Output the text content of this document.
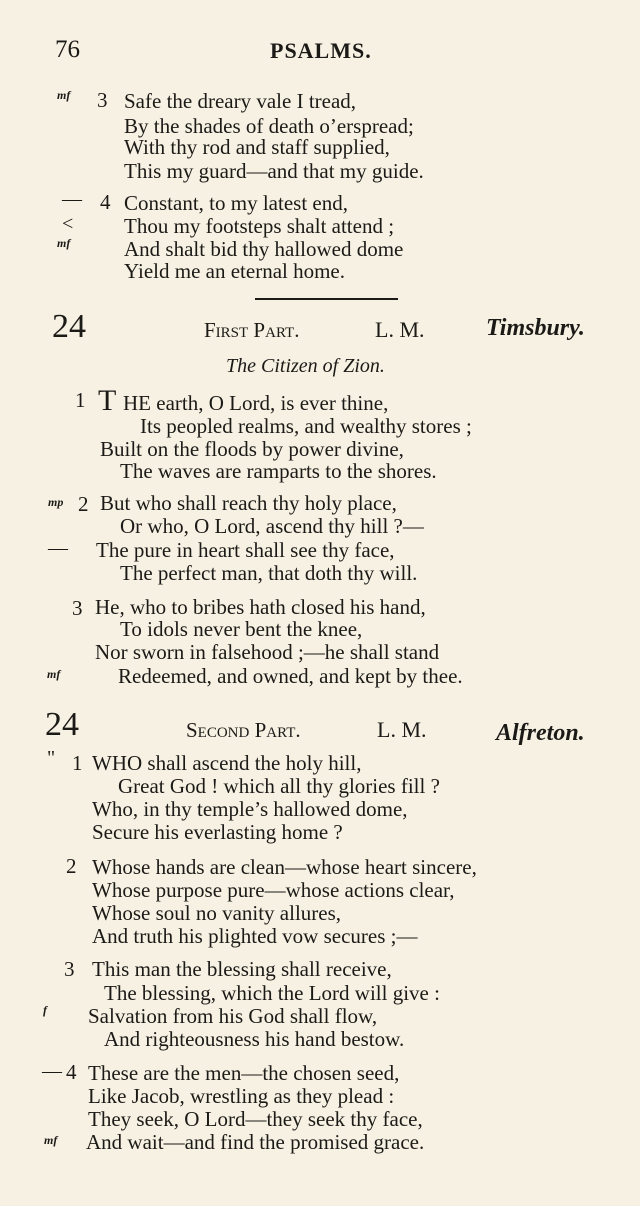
76	PSALMS.
mf 3 Safe the dreary vale I tread,
By the shades of death o’erspread;
With thy rod and staff supplied,
This my guard—and that my guide.
— 4 Constant, to my latest end,
< Thou my footsteps shalt attend ;
mf	And shalt bid thy hallowed dome
Yield me an eternal home.
24	First Part.	L. M.	Timsbury.
The Citizen of Zion.
1 T HE earth, O Lord, is ever thine,
Its peopled realms, and wealthy stores ;
Built on the floods by power divine,
The waves are ramparts to the shores.
mp 2 But who shall reach thy holy place,
Or who, O Lord, ascend thy hill ?—
— The pure in heart shall see thy face,
The perfect man, that doth thy will.
3 He, who to bribes hath closed his hand,
To idols never bent the knee,
Nor sworn in falsehood ;—he shall stand
mf	Redeemed, and owned, and kept by thee.
24	Second Part.	L. M.	Alfreton.
" 1 WHO shall ascend the holy hill,
Great God ! which all thy glories fill ?
Who, in thy temple’s hallowed dome,
Secure his everlasting home ?
2 Whose hands are clean—whose heart sincere,
Whose purpose pure—whose actions clear,
Whose soul no vanity allures,
And truth his plighted vow secures ;—
3 This man the blessing shall receive,
The blessing, which the Lord will give :
f Salvation from his God shall flow,
And righteousness his hand bestow.
— 4 These are the men—the chosen seed,
Like Jacob, wrestling as they plead :
They seek, O Lord—they seek thy face,
mf And wait—and find the promised grace.
